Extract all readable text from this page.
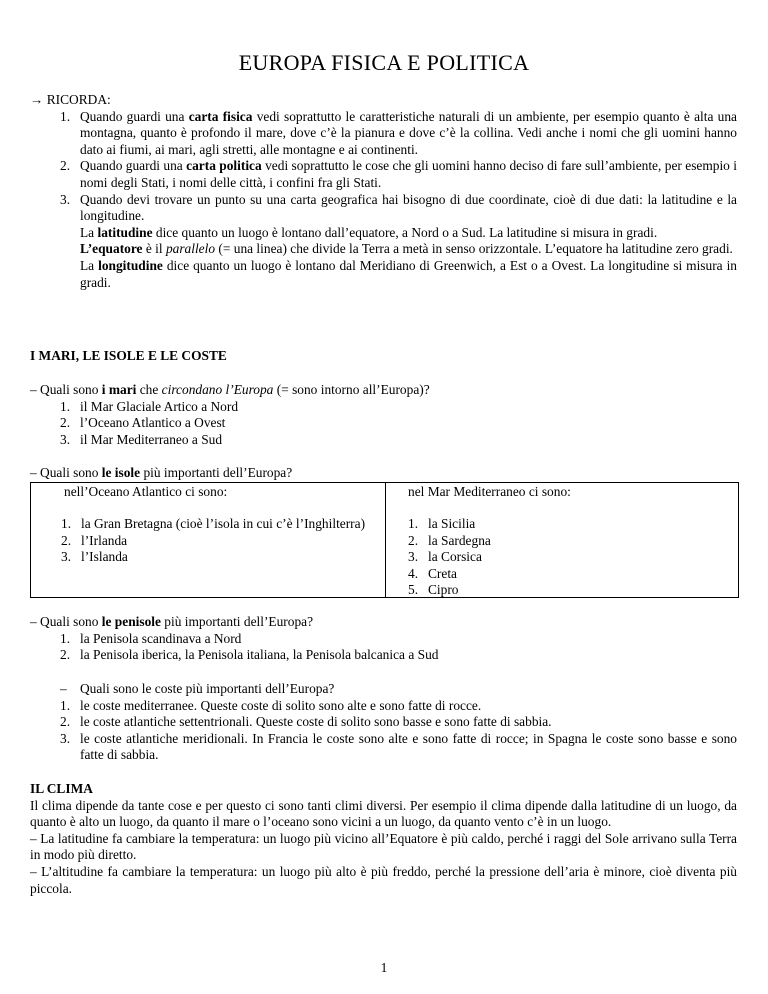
EUROPA FISICA E POLITICA
→ RICORDA:
1. Quando guardi una carta fisica vedi soprattutto le caratteristiche naturali di un ambiente, per esempio quanto è alta una montagna, quanto è profondo il mare, dove c’è la pianura e dove c’è la collina. Vedi anche i nomi che gli uomini hanno dato ai fiumi, ai mari, agli stretti, alle montagne e ai continenti.
2. Quando guardi una carta politica vedi soprattutto le cose che gli uomini hanno deciso di fare sull’ambiente, per esempio i nomi degli Stati, i nomi delle città, i confini fra gli Stati.
3. Quando devi trovare un punto su una carta geografica hai bisogno di due coordinate, cioè di due dati: la latitudine e la longitudine.
La latitudine dice quanto un luogo è lontano dall’equatore, a Nord o a Sud. La latitudine si misura in gradi.
L’equatore è il parallelo (= una linea) che divide la Terra a metà in senso orizzontale. L’equatore ha latitudine zero gradi.
La longitudine dice quanto un luogo è lontano dal Meridiano di Greenwich, a Est o a Ovest. La longitudine si misura in gradi.
I MARI, LE ISOLE E LE COSTE
– Quali sono i mari che circondano l’Europa (= sono intorno all’Europa)?
1. il Mar Glaciale Artico a Nord
2. l’Oceano Atlantico a Ovest
3. il Mar Mediterraneo a Sud
– Quali sono le isole più importanti dell’Europa?
nell’Oceano Atlantico ci sono:
1. la Gran Bretagna (cioè l’isola in cui c’è l’Inghilterra)
2. l’Irlanda
3. l’Islanda

nel Mar Mediterraneo ci sono:
1. la Sicilia
2. la Sardegna
3. la Corsica
4. Creta
5. Cipro
– Quali sono le penisole più importanti dell’Europa?
1. la Penisola scandinava a Nord
2. la Penisola iberica, la Penisola italiana, la Penisola balcanica a Sud
– Quali sono le coste più importanti dell’Europa?
1. le coste mediterranee. Queste coste di solito sono alte e sono fatte di rocce.
2. le coste atlantiche settentrionali. Queste coste di solito sono basse e sono fatte di sabbia.
3. le coste atlantiche meridionali. In Francia le coste sono alte e sono fatte di rocce; in Spagna le coste sono basse e sono fatte di sabbia.
IL CLIMA
Il clima dipende da tante cose e per questo ci sono tanti climi diversi. Per esempio il clima dipende dalla latitudine di un luogo, da quanto è alto un luogo, da quanto il mare o l’oceano sono vicini a un luogo, da quanto vento c’è in un luogo.
– La latitudine fa cambiare la temperatura: un luogo più vicino all’Equatore è più caldo, perché i raggi del Sole arrivano sulla Terra in modo più diretto.
– L’altitudine fa cambiare la temperatura: un luogo più alto è più freddo, perché la pressione dell’aria è minore, cioè diventa più piccola.
1
